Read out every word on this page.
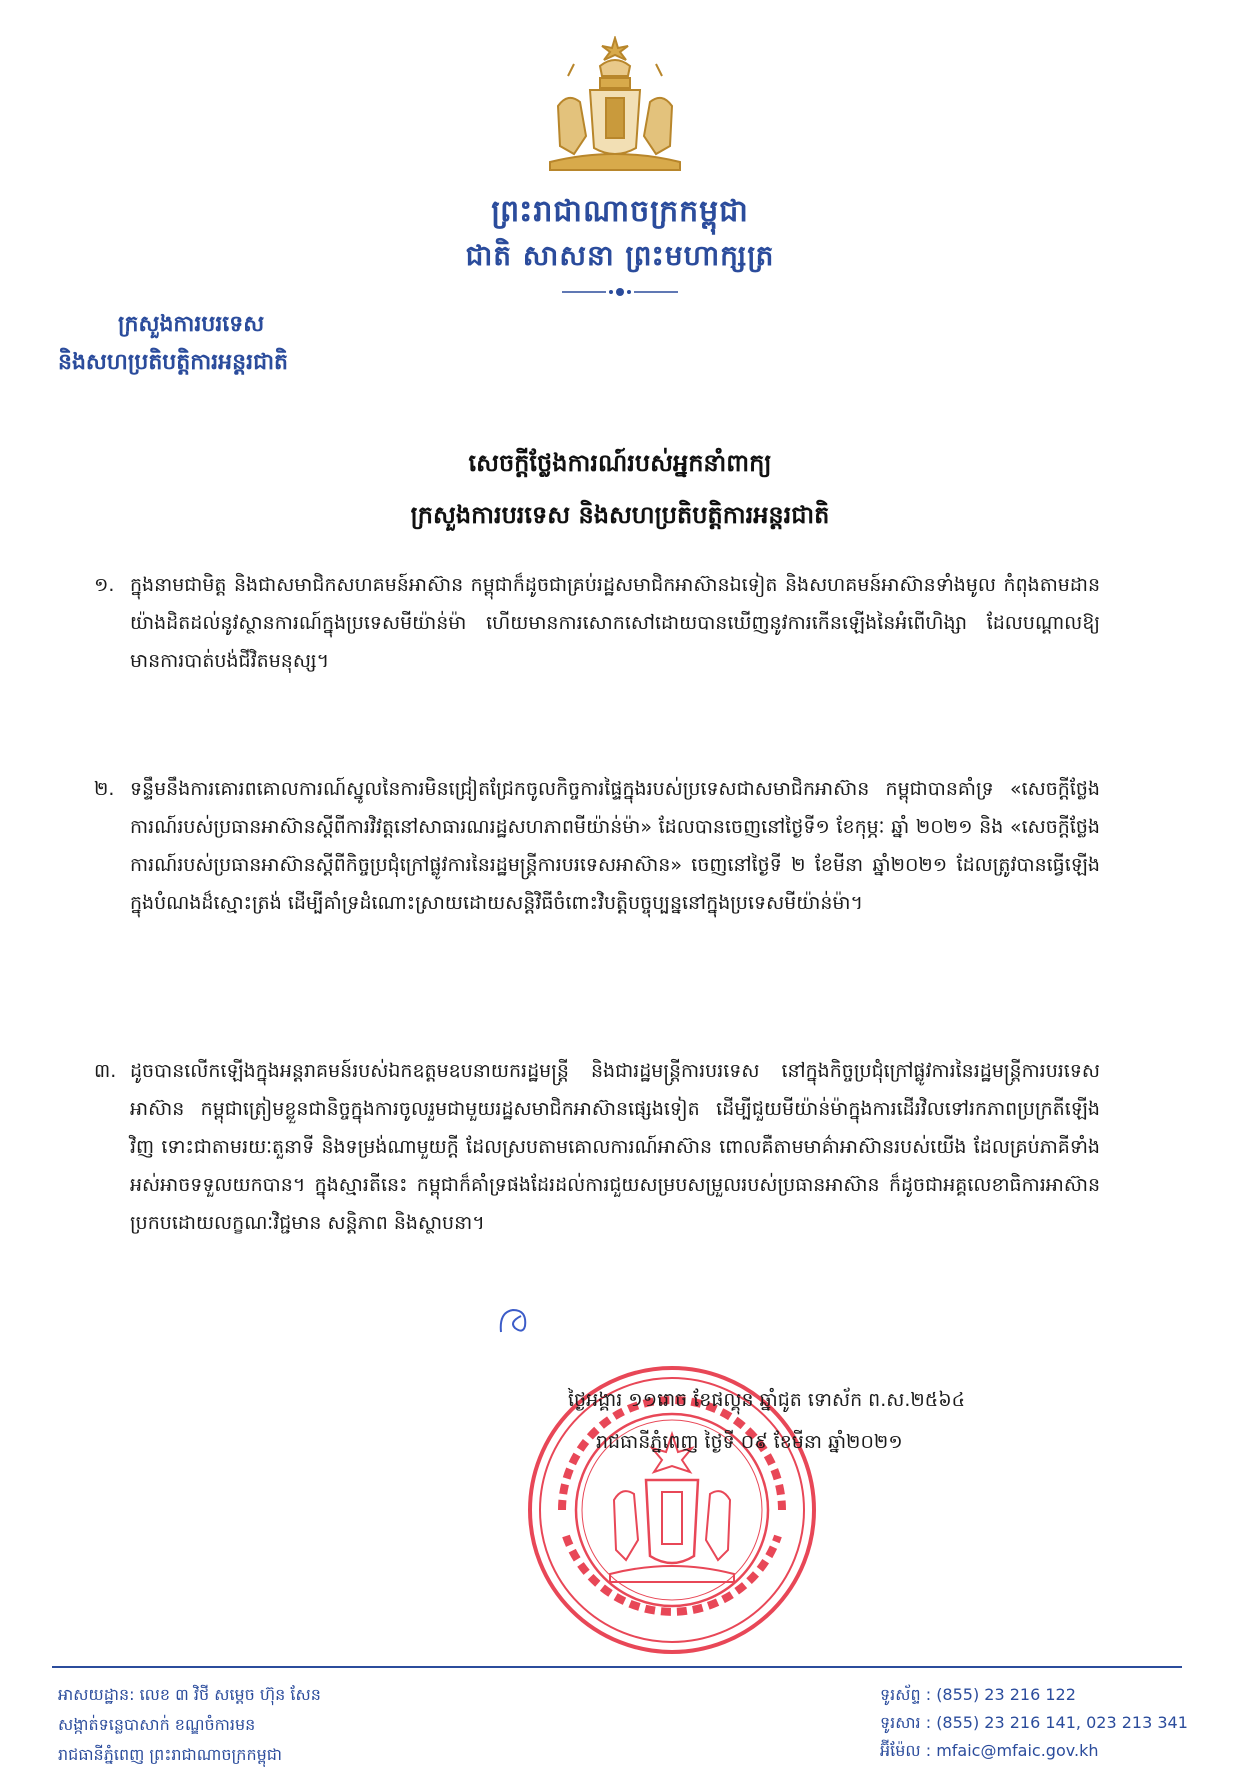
ព្រះរាជាណាចក្រកម្ពុជា
ជាតិ សាសនា ព្រះមហាក្សត្រ
ក្រសួងការបរទេស
និងសហប្រតិបត្តិការអន្តរជាតិ
សេចក្តីថ្លែងការណ៍របស់អ្នកនាំពាក្យ
ក្រសួងការបរទេស និងសហប្រតិបត្តិការអន្តរជាតិ
១. ក្នុងនាមជាមិត្ត និងជាសមាជិកសហគមន៍អាស៊ាន កម្ពុជាក៏ដូចជាគ្រប់រដ្ឋសមាជិកអាស៊ានឯទៀត និងសហគមន៍អាស៊ានទាំងមូល កំពុងតាមដានយ៉ាងដិតដល់នូវស្ថានការណ៍ក្នុងប្រទេសមីយ៉ាន់ម៉ា ហើយមានការសោកសៅដោយបានឃើញនូវការកើនឡើងនៃអំពើហិង្សា ដែលបណ្តាលឱ្យមានការបាត់បង់ជីវិតមនុស្ស។
២. ទន្ទឹមនឹងការគោរពគោលការណ៍ស្នូលនៃការមិនជ្រៀតជ្រែកចូលកិច្ចការផ្ទៃក្នុងរបស់ប្រទេសជាសមាជិកអាស៊ាន កម្ពុជាបានគាំទ្រ «សេចក្តីថ្លែងការណ៍របស់ប្រធានអាស៊ានស្តីពីការវិវត្តនៅសាធារណរដ្ឋសហភាពមីយ៉ាន់ម៉ា» ដែលបានចេញនៅថ្ងៃទី១ ខែកុម្ភៈ ឆ្នាំ ២០២១ និង «សេចក្តីថ្លែងការណ៍របស់ប្រធានអាស៊ានស្តីពីកិច្ចប្រជុំក្រៅផ្លូវការនៃរដ្ឋមន្ត្រីការបរទេសអាស៊ាន» ចេញនៅថ្ងៃទី ២ ខែមីនា ឆ្នាំ២០២១ ដែលត្រូវបានធ្វើឡើងក្នុងបំណងដ៏ស្មោះត្រង់ ដើម្បីគាំទ្រដំណោះស្រាយដោយសន្តិវិធីចំពោះវិបត្តិបច្ចុប្បន្ននៅក្នុងប្រទេសមីយ៉ាន់ម៉ា។
៣. ដូចបានលើកឡើងក្នុងអន្តរាគមន៍របស់ឯកឧត្តមឧបនាយករដ្ឋមន្ត្រី និងជារដ្ឋមន្ត្រីការបរទេស នៅក្នុងកិច្ចប្រជុំក្រៅផ្លូវការនៃរដ្ឋមន្ត្រីការបរទេសអាស៊ាន កម្ពុជាត្រៀមខ្លួនជានិច្ចក្នុងការចូលរួមជាមួយរដ្ឋសមាជិកអាស៊ានផ្សេងទៀត ដើម្បីជួយមីយ៉ាន់ម៉ាក្នុងការដើរវិលទៅរកភាពប្រក្រតីឡើងវិញ ទោះជាតាមរយៈតួនាទី និងទម្រង់ណាមួយក្តី ដែលស្របតាមគោលការណ៍អាស៊ាន ពោលគឺតាមមាគ៌ាអាស៊ានរបស់យើង ដែលគ្រប់ភាគីទាំងអស់អាចទទួលយកបាន។ ក្នុងស្មារតីនេះ កម្ពុជាក៏គាំទ្រផងដែរដល់ការជួយសម្របសម្រួលរបស់ប្រធានអាស៊ាន ក៏ដូចជាអគ្គលេខាធិការអាស៊ាន ប្រកបដោយលក្ខណៈវិជ្ជមាន សន្តិភាព និងស្ថាបនា។
ថ្ងៃអង្គារ ១១រោច ខែផល្គុន ឆ្នាំជូត ទោស័ក ព.ស.២៥៦៤
រាជធានីភ្នំពេញ ថ្ងៃទី ០៩ ខែមីនា ឆ្នាំ២០២១
អាសយដ្ឋាន: លេខ ៣ វិថី សម្តេច ហ៊ុន សែន
សង្កាត់ទន្លេបាសាក់ ខណ្ឌចំការមន
រាជធានីភ្នំពេញ ព្រះរាជាណាចក្រកម្ពុជា
ទូរស័ព្ទ : (855) 23 216 122
ទូរសារ : (855) 23 216 141, 023 213 341
អ៊ីម៉ែល : mfaic@mfaic.gov.kh
